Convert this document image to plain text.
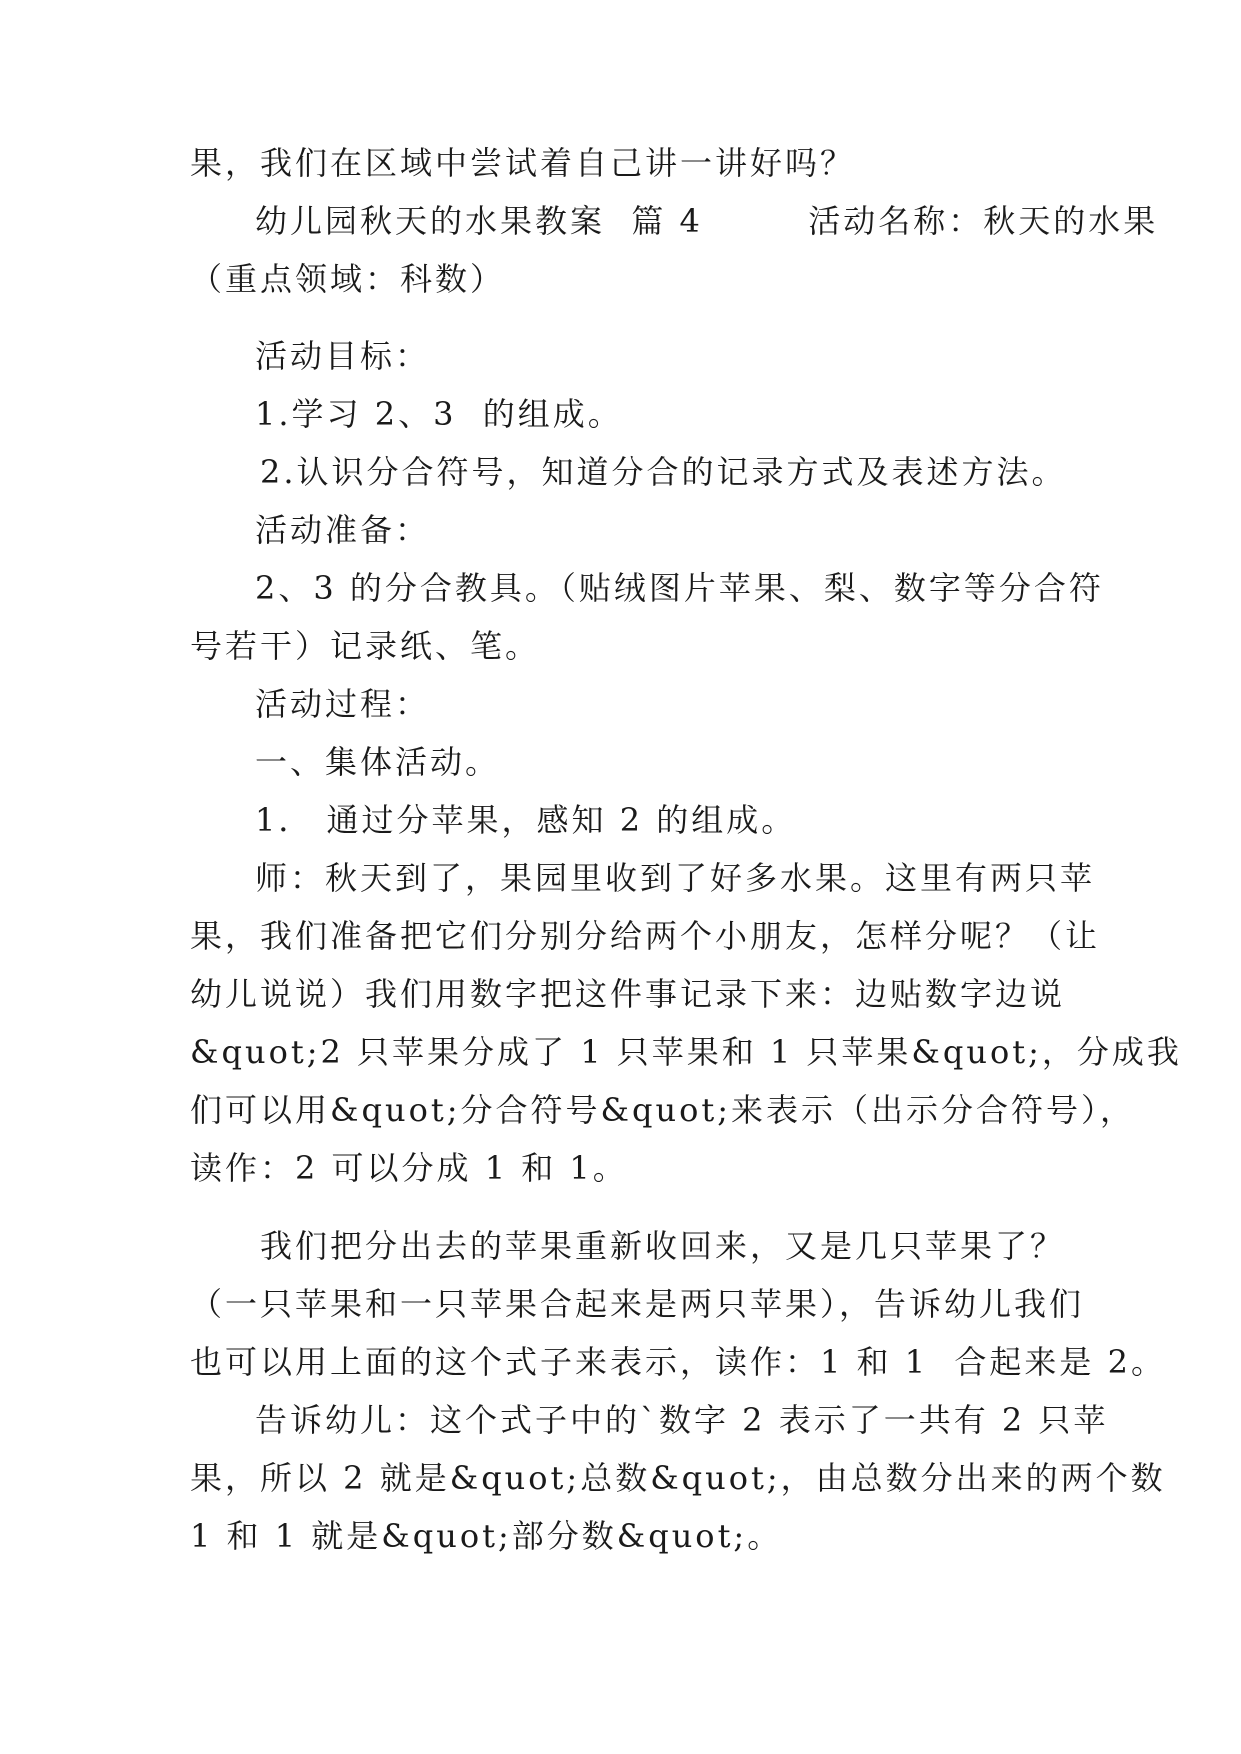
果，我们在区域中尝试着自己讲一讲好吗？
幼儿园秋天的水果教案  篇 4        活动名称：秋天的水果
（重点领域：科数）
活动目标：
1.学习 2、3  的组成。
2.认识分合符号，知道分合的记录方式及表述方法。
活动准备：
2、3 的分合教具。（贴绒图片苹果、梨、数字等分合符
号若干）记录纸、笔。
活动过程：
一、集体活动。
1． 通过分苹果，感知 2 的组成。
师：秋天到了，果园里收到了好多水果。这里有两只苹
果，我们准备把它们分别分给两个小朋友，怎样分呢？（让
幼儿说说）我们用数字把这件事记录下来：边贴数字边说
&quot;2 只苹果分成了 1 只苹果和 1 只苹果&quot;，分成我
们可以用&quot;分合符号&quot;来表示（出示分合符号），
读作：2 可以分成 1 和 1。
我们把分出去的苹果重新收回来，又是几只苹果了？
（一只苹果和一只苹果合起来是两只苹果），告诉幼儿我们
也可以用上面的这个式子来表示，读作：1 和 1  合起来是 2。
告诉幼儿：这个式子中的`数字 2 表示了一共有 2 只苹
果，所以 2 就是&quot;总数&quot;，由总数分出来的两个数
1 和 1 就是&quot;部分数&quot;。
